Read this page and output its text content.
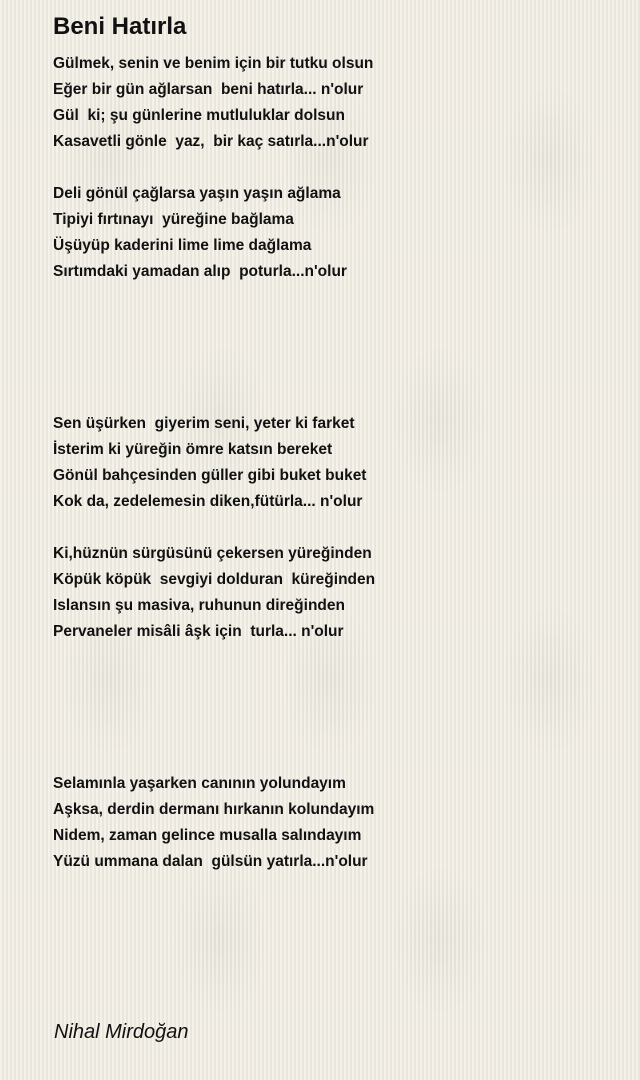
Beni Hatırla
Gülmek, senin ve benim için bir tutku olsun
Eğer bir gün ağlarsan  beni hatırla... n'olur
Gül  ki; şu günlerine mutluluklar dolsun
Kasavetli gönle  yaz,  bir kaç satırla...n'olur
Deli gönül çağlarsa yaşın yaşın ağlama
Tipiyi fırtınayı  yüreğine bağlama
Üşüyüp kaderini lime lime dağlama
Sırtımdaki yamadan alıp  poturla...n'olur
Sen üşürken  giyerim seni, yeter ki farket
İsterim ki yüreğin ömre katsın bereket
Gönül bahçesinden güller gibi buket buket
Kok da, zedelemesin diken,fütürla... n'olur
Ki,hüznün sürgüsünü çekersen yüreğinden
Köpük köpük  sevgiyi dolduran  küreğinden
Islansın şu masiva, ruhunun direğinden
Pervaneler misâli âşk için  turla... n'olur
Selamınla yaşarken canının yolundayım
Aşksa, derdin dermanı hırkanın kolundayım
Nidem, zaman gelince musalla salındayım
Yüzü ummana dalan  gülsün yatırla...n'olur
Nihal Mirdoğan
